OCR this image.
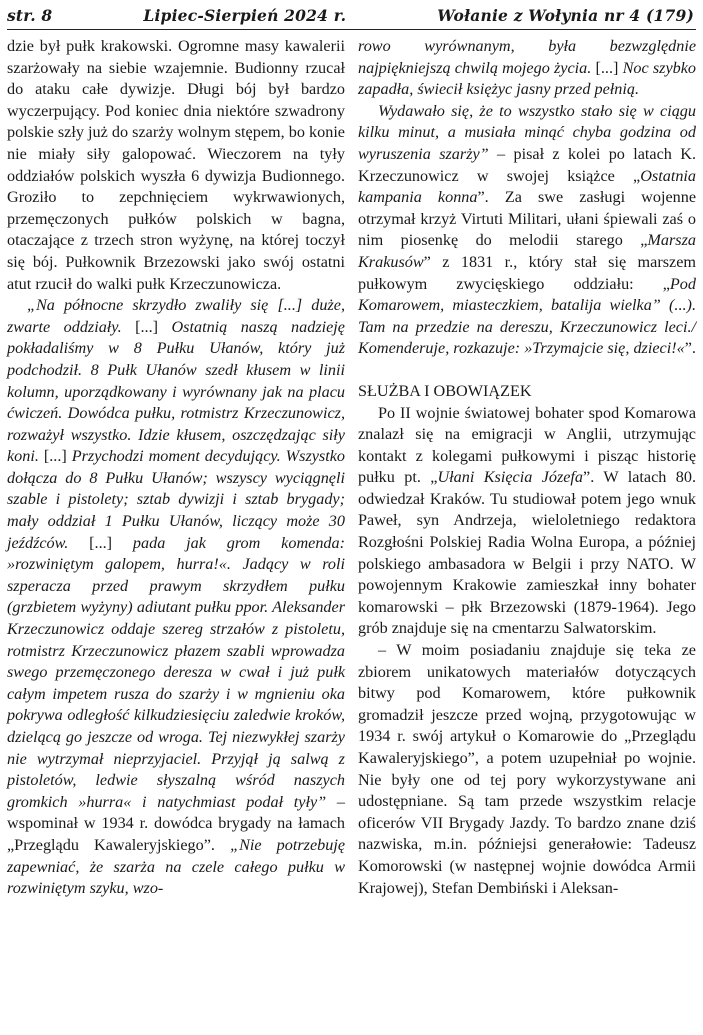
str. 8	Lipiec-Sierpień 2024 r.	Wołanie z Wołynia nr 4 (179)

dzie był pułk krakowski. Ogromne masy kawalerii szarżowały na siebie wzajemnie. Budionny rzucał do ataku całe dywizje. Długi bój był bardzo wyczerpujący. Pod koniec dnia niektóre szwadrony polskie szły już do szarży wolnym stępem, bo konie nie miały siły galopować. Wieczorem na tyły oddziałów polskich wyszła 6 dywizja Budionnego. Groziło to zepchnięciem wykrwawionych, przemęczonych pułków polskich w bagna, otaczające z trzech stron wyżynę, na której toczył się bój. Pułkownik Brzezowski jako swój ostatni atut rzucił do walki pułk Krzeczunowicza.

„Na północne skrzydło zwaliły się [...] duże, zwarte oddziały. [...] Ostatnią naszą nadzieję pokładaliśmy w 8 Pułku Ułanów, który już podchodził. 8 Pułk Ułanów szedł kłusem w linii kolumn, uporządkowany i wyrównany jak na placu ćwiczeń. Dowódca pułku, rotmistrz Krzeczunowicz, rozważył wszystko. Idzie kłusem, oszczędzając siły koni. [...] Przychodzi moment decydujący. Wszystko dołącza do 8 Pułku Ułanów; wszyscy wyciągnęli szable i pistolety; sztab dywizji i sztab brygady; mały oddział 1 Pułku Ułanów, liczący może 30 jeźdźców. [...] pada jak grom komenda: »rozwiniętym galopem, hurra!«. Jadący w roli szperacza przed prawym skrzydłem pułku (grzbietem wyżyny) adiutant pułku ppor. Aleksander Krzeczunowicz oddaje szereg strzałów z pistoletu, rotmistrz Krzeczunowicz płazem szabli wprowadza swego przemęczonego deresza w cwał i już pułk całym impetem rusza do szarży i w mgnieniu oka pokrywa odległość kilkudziesięciu zaledwie kroków, dzielącą go jeszcze od wroga. Tej niezwykłej szarży nie wytrzymał nieprzyjaciel. Przyjął ją salwą z pistoletów, ledwie słyszalną wśród naszych gromkich »hurra« i natychmiast podał tyły” – wspominał w 1934 r. dowódca brygady na łamach „Przeglądu Kawaleryjskiego”. „Nie potrzebuję zapewniać, że szarża na czele całego pułku w rozwiniętym szyku, wzo-

rowo wyrównanym, była bezwzględnie najpiękniejszą chwilą mojego życia. [...] Noc szybko zapadła, świecił księżyc jasny przed pełnią.

Wydawało się, że to wszystko stało się w ciągu kilku minut, a musiała minąć chyba godzina od wyruszenia szarży” – pisał z kolei po latach K. Krzeczunowicz w swojej książce „Ostatnia kampania konna”. Za swe zasługi wojenne otrzymał krzyż Virtuti Militari, ułani śpiewali zaś o nim piosenkę do melodii starego „Marsza Krakusów” z 1831 r., który stał się marszem pułkowym zwycięskiego oddziału: „Pod Komarowem, miasteczkiem, batalija wielka” (...). Tam na przedzie na dereszu, Krzeczunowicz leci./ Komenderuje, rozkazuje: »Trzymajcie się, dzieci!«”.

SŁUŻBA I OBOWIĄZEK

Po II wojnie światowej bohater spod Komarowa znalazł się na emigracji w Anglii, utrzymując kontakt z kolegami pułkowymi i pisząc historię pułku pt. „Ułani Księcia Józefa”. W latach 80. odwiedzał Kraków. Tu studiował potem jego wnuk Paweł, syn Andrzeja, wieloletniego redaktora Rozgłośni Polskiej Radia Wolna Europa, a później polskiego ambasadora w Belgii i przy NATO. W powojennym Krakowie zamieszkał inny bohater komarowski – płk Brzezowski (1879-1964). Jego grób znajduje się na cmentarzu Salwatorskim.

– W moim posiadaniu znajduje się teka ze zbiorem unikatowych materiałów dotyczących bitwy pod Komarowem, które pułkownik gromadził jeszcze przed wojną, przygotowując w 1934 r. swój artykuł o Komarowie do „Przeglądu Kawaleryjskiego”, a potem uzupełniał po wojnie. Nie były one od tej pory wykorzystywane ani udostępniane. Są tam przede wszystkim relacje oficerów VII Brygady Jazdy. To bardzo znane dziś nazwiska, m.in. późniejsi generałowie: Tadeusz Komorowski (w następnej wojnie dowódca Armii Krajowej), Stefan Dembiński i Aleksan-
